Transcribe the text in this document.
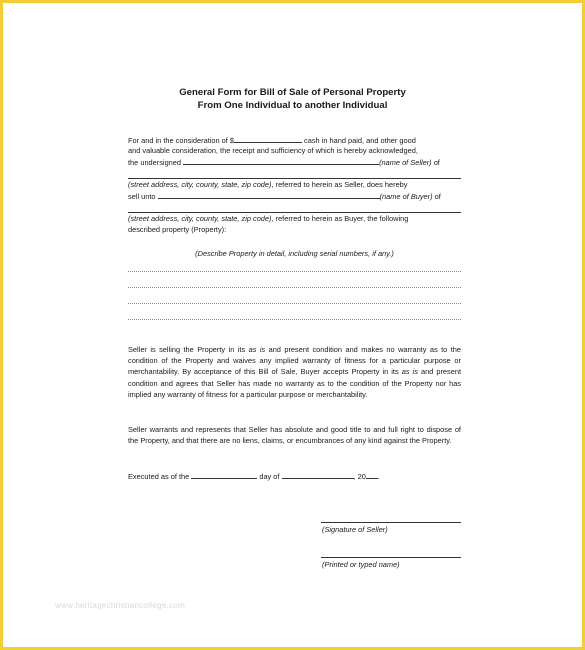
General Form for Bill of Sale of Personal Property
From One Individual to another Individual
For and in the consideration of $	cash in hand paid, and other good
and valuable consideration, the receipt and sufficiency of which is hereby acknowledged,
the undersigned	(name of Seller) of
(street address, city, county, state, zip code), referred to herein as Seller, does hereby
sell unto	(name of Buyer) of
(street address, city, county, state, zip code), referred to herein as Buyer, the following
described property (Property):
(Describe Property in detail, including serial numbers, if any.)
Seller is selling the Property in its as is and present condition and makes no warranty as to the condition of the Property and waives any implied warranty of fitness for a particular purpose or merchantability. By acceptance of this Bill of Sale, Buyer accepts Property in its as is and present condition and agrees that Seller has made no warranty as to the condition of the Property nor has implied any warranty of fitness for a particular purpose or merchantability.
Seller warrants and represents that Seller has absolute and good title to and full right to dispose of the Property, and that there are no liens, claims, or encumbrances of any kind against the Property.
Executed as of the	day of	, 20 .
(Signature of Seller)
(Printed or typed name)
www.heritagechristiancollege.com
